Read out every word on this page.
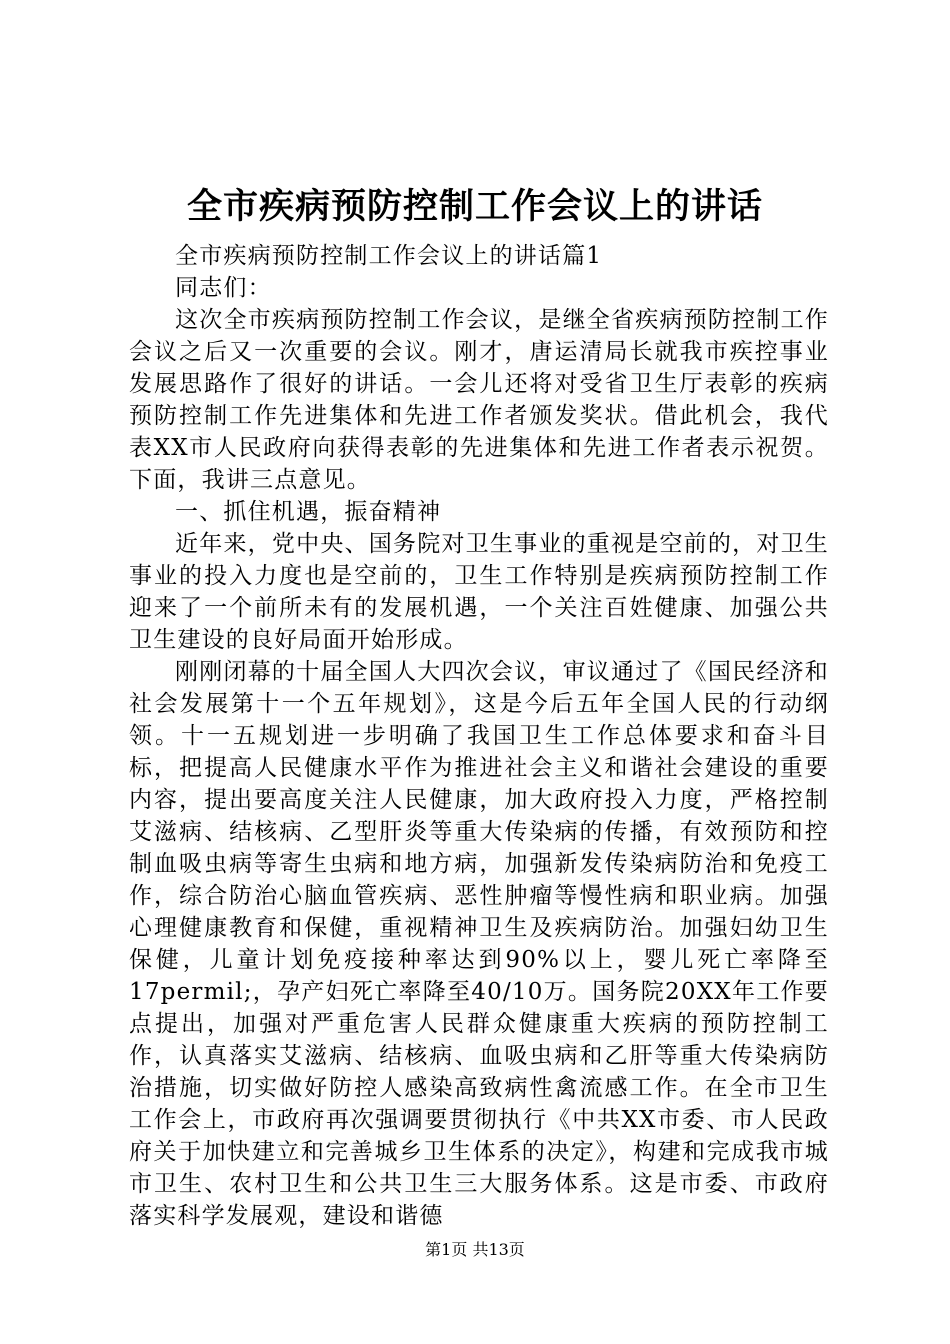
全市疾病预防控制工作会议上的讲话

全市疾病预防控制工作会议上的讲话篇1

同志们：

这次全市疾病预防控制工作会议，是继全省疾病预防控制工作会议之后又一次重要的会议。刚才，唐运清局长就我市疾控事业发展思路作了很好的讲话。一会儿还将对受省卫生厅表彰的疾病预防控制工作先进集体和先进工作者颁发奖状。借此机会，我代表XX市人民政府向获得表彰的先进集体和先进工作者表示祝贺。下面，我讲三点意见。

一、抓住机遇，振奋精神

近年来，党中央、国务院对卫生事业的重视是空前的，对卫生事业的投入力度也是空前的，卫生工作特别是疾病预防控制工作迎来了一个前所未有的发展机遇，一个关注百姓健康、加强公共卫生建设的良好局面开始形成。

刚刚闭幕的十届全国人大四次会议，审议通过了《国民经济和社会发展第十一个五年规划》，这是今后五年全国人民的行动纲领。十一五规划进一步明确了我国卫生工作总体要求和奋斗目标，把提高人民健康水平作为推进社会主义和谐社会建设的重要内容，提出要高度关注人民健康，加大政府投入力度，严格控制艾滋病、结核病、乙型肝炎等重大传染病的传播，有效预防和控制血吸虫病等寄生虫病和地方病，加强新发传染病防治和免疫工作，综合防治心脑血管疾病、恶性肿瘤等慢性病和职业病。加强心理健康教育和保健，重视精神卫生及疾病防治。加强妇幼卫生保健，儿童计划免疫接种率达到90%以上，婴儿死亡率降至17permil;，孕产妇死亡率降至40/10万。国务院20XX年工作要点提出，加强对严重危害人民群众健康重大疾病的预防控制工作，认真落实艾滋病、结核病、血吸虫病和乙肝等重大传染病防治措施，切实做好防控人感染高致病性禽流感工作。在全市卫生工作会上，市政府再次强调要贯彻执行《中共XX市委、市人民政府关于加快建立和完善城乡卫生体系的决定》，构建和完成我市城市卫生、农村卫生和公共卫生三大服务体系。这是市委、市政府落实科学发展观，建设和谐德

第1页 共13页
